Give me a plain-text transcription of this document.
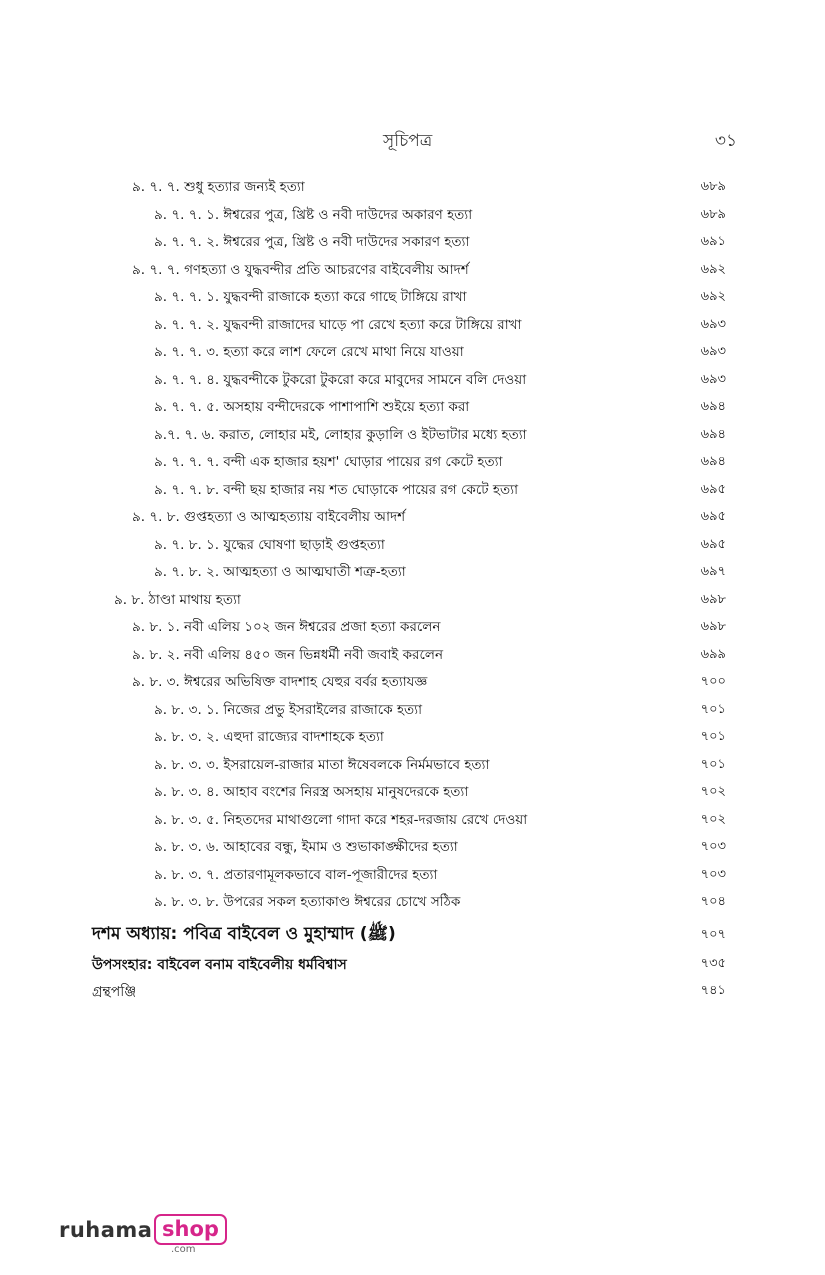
সূচিপত্র	৩১
৯. ৭. ৭. শুধু হত্যার জন্যই হত্যা	৬৮৯
৯. ৭. ৭. ১. ঈশ্বরের পুত্র, খ্রিষ্ট ও নবী দাউদের অকারণ হত্যা	৬৮৯
৯. ৭. ৭. ২. ঈশ্বরের পুত্র, খ্রিষ্ট ও নবী দাউদের সকারণ হত্যা	৬৯১
৯. ৭. ৭. গণহত্যা ও যুদ্ধবন্দীর প্রতি আচরণের বাইবেলীয় আদর্শ	৬৯২
৯. ৭. ৭. ১. যুদ্ধবন্দী রাজাকে হত্যা করে গাছে টাঙ্গিয়ে রাখা	৬৯২
৯. ৭. ৭. ২. যুদ্ধবন্দী রাজাদের ঘাড়ে পা রেখে হত্যা করে টাঙ্গিয়ে রাখা	৬৯৩
৯. ৭. ৭. ৩. হত্যা করে লাশ ফেলে রেখে মাথা নিয়ে যাওয়া	৬৯৩
৯. ৭. ৭. ৪. যুদ্ধবন্দীকে টুকরো টুকরো করে মাবুদের সামনে বলি দেওয়া	৬৯৩
৯. ৭. ৭. ৫. অসহায় বন্দীদেরকে পাশাপাশি শুইয়ে হত্যা করা	৬৯৪
৯.৭. ৭. ৬. করাত, লোহার মই, লোহার কুড়ালি ও ইটভাটার মধ্যে হত্যা	৬৯৪
৯. ৭. ৭. ৭. বন্দী এক হাজার হয়শ' ঘোড়ার পায়ের রগ কেটে হত্যা	৬৯৪
৯. ৭. ৭. ৮. বন্দী ছয় হাজার নয় শত ঘোড়াকে পায়ের রগ কেটে হত্যা	৬৯৫
৯. ৭. ৮. গুপ্তহত্যা ও আত্মহত্যায় বাইবেলীয় আদর্শ	৬৯৫
৯. ৭. ৮. ১. যুদ্ধের ঘোষণা ছাড়াই গুপ্তহত্যা	৬৯৫
৯. ৭. ৮. ২. আত্মহত্যা ও আত্মঘাতী শত্রু-হত্যা	৬৯৭
৯. ৮. ঠাণ্ডা মাথায় হত্যা	৬৯৮
৯. ৮. ১. নবী এলিয় ১০২ জন ঈশ্বরের প্রজা হত্যা করলেন	৬৯৮
৯. ৮. ২. নবী এলিয় ৪৫০ জন ভিন্নধর্মী নবী জবাই করলেন	৬৯৯
৯. ৮. ৩. ঈশ্বরের অভিষিক্ত বাদশাহ যেহুর বর্বর হত্যাযজ্ঞ	৭০০
৯. ৮. ৩. ১. নিজের প্রভু ইসরাইলের রাজাকে হত্যা	৭০১
৯. ৮. ৩. ২. এহুদা রাজ্যের বাদশাহকে হত্যা	৭০১
৯. ৮. ৩. ৩. ইসরায়েল-রাজার মাতা ঈষেবলকে নির্মমভাবে হত্যা	৭০১
৯. ৮. ৩. ৪. আহাব বংশের নিরস্ত্র অসহায় মানুষদেরকে হত্যা	৭০২
৯. ৮. ৩. ৫. নিহতদের মাথাগুলো গাদা করে শহর-দরজায় রেখে দেওয়া	৭০২
৯. ৮. ৩. ৬. আহাবের বন্ধু, ইমাম ও শুভাকাঙ্ক্ষীদের হত্যা	৭০৩
৯. ৮. ৩. ৭. প্রতারণামূলকভাবে বাল-পূজারীদের হত্যা	৭০৩
৯. ৮. ৩. ৮. উপরের সকল হত্যাকাণ্ড ঈশ্বরের চোখে সঠিক	৭০৪
দশম অধ্যায়: পবিত্র বাইবেল ও মুহাম্মাদ (ﷺ)	৭০৭
উপসংহার: বাইবেল বনাম বাইবেলীয় ধর্মবিশ্বাস	৭৩৫
গ্রন্থপঞ্জি	৭৪১
ruhama shop
.com
